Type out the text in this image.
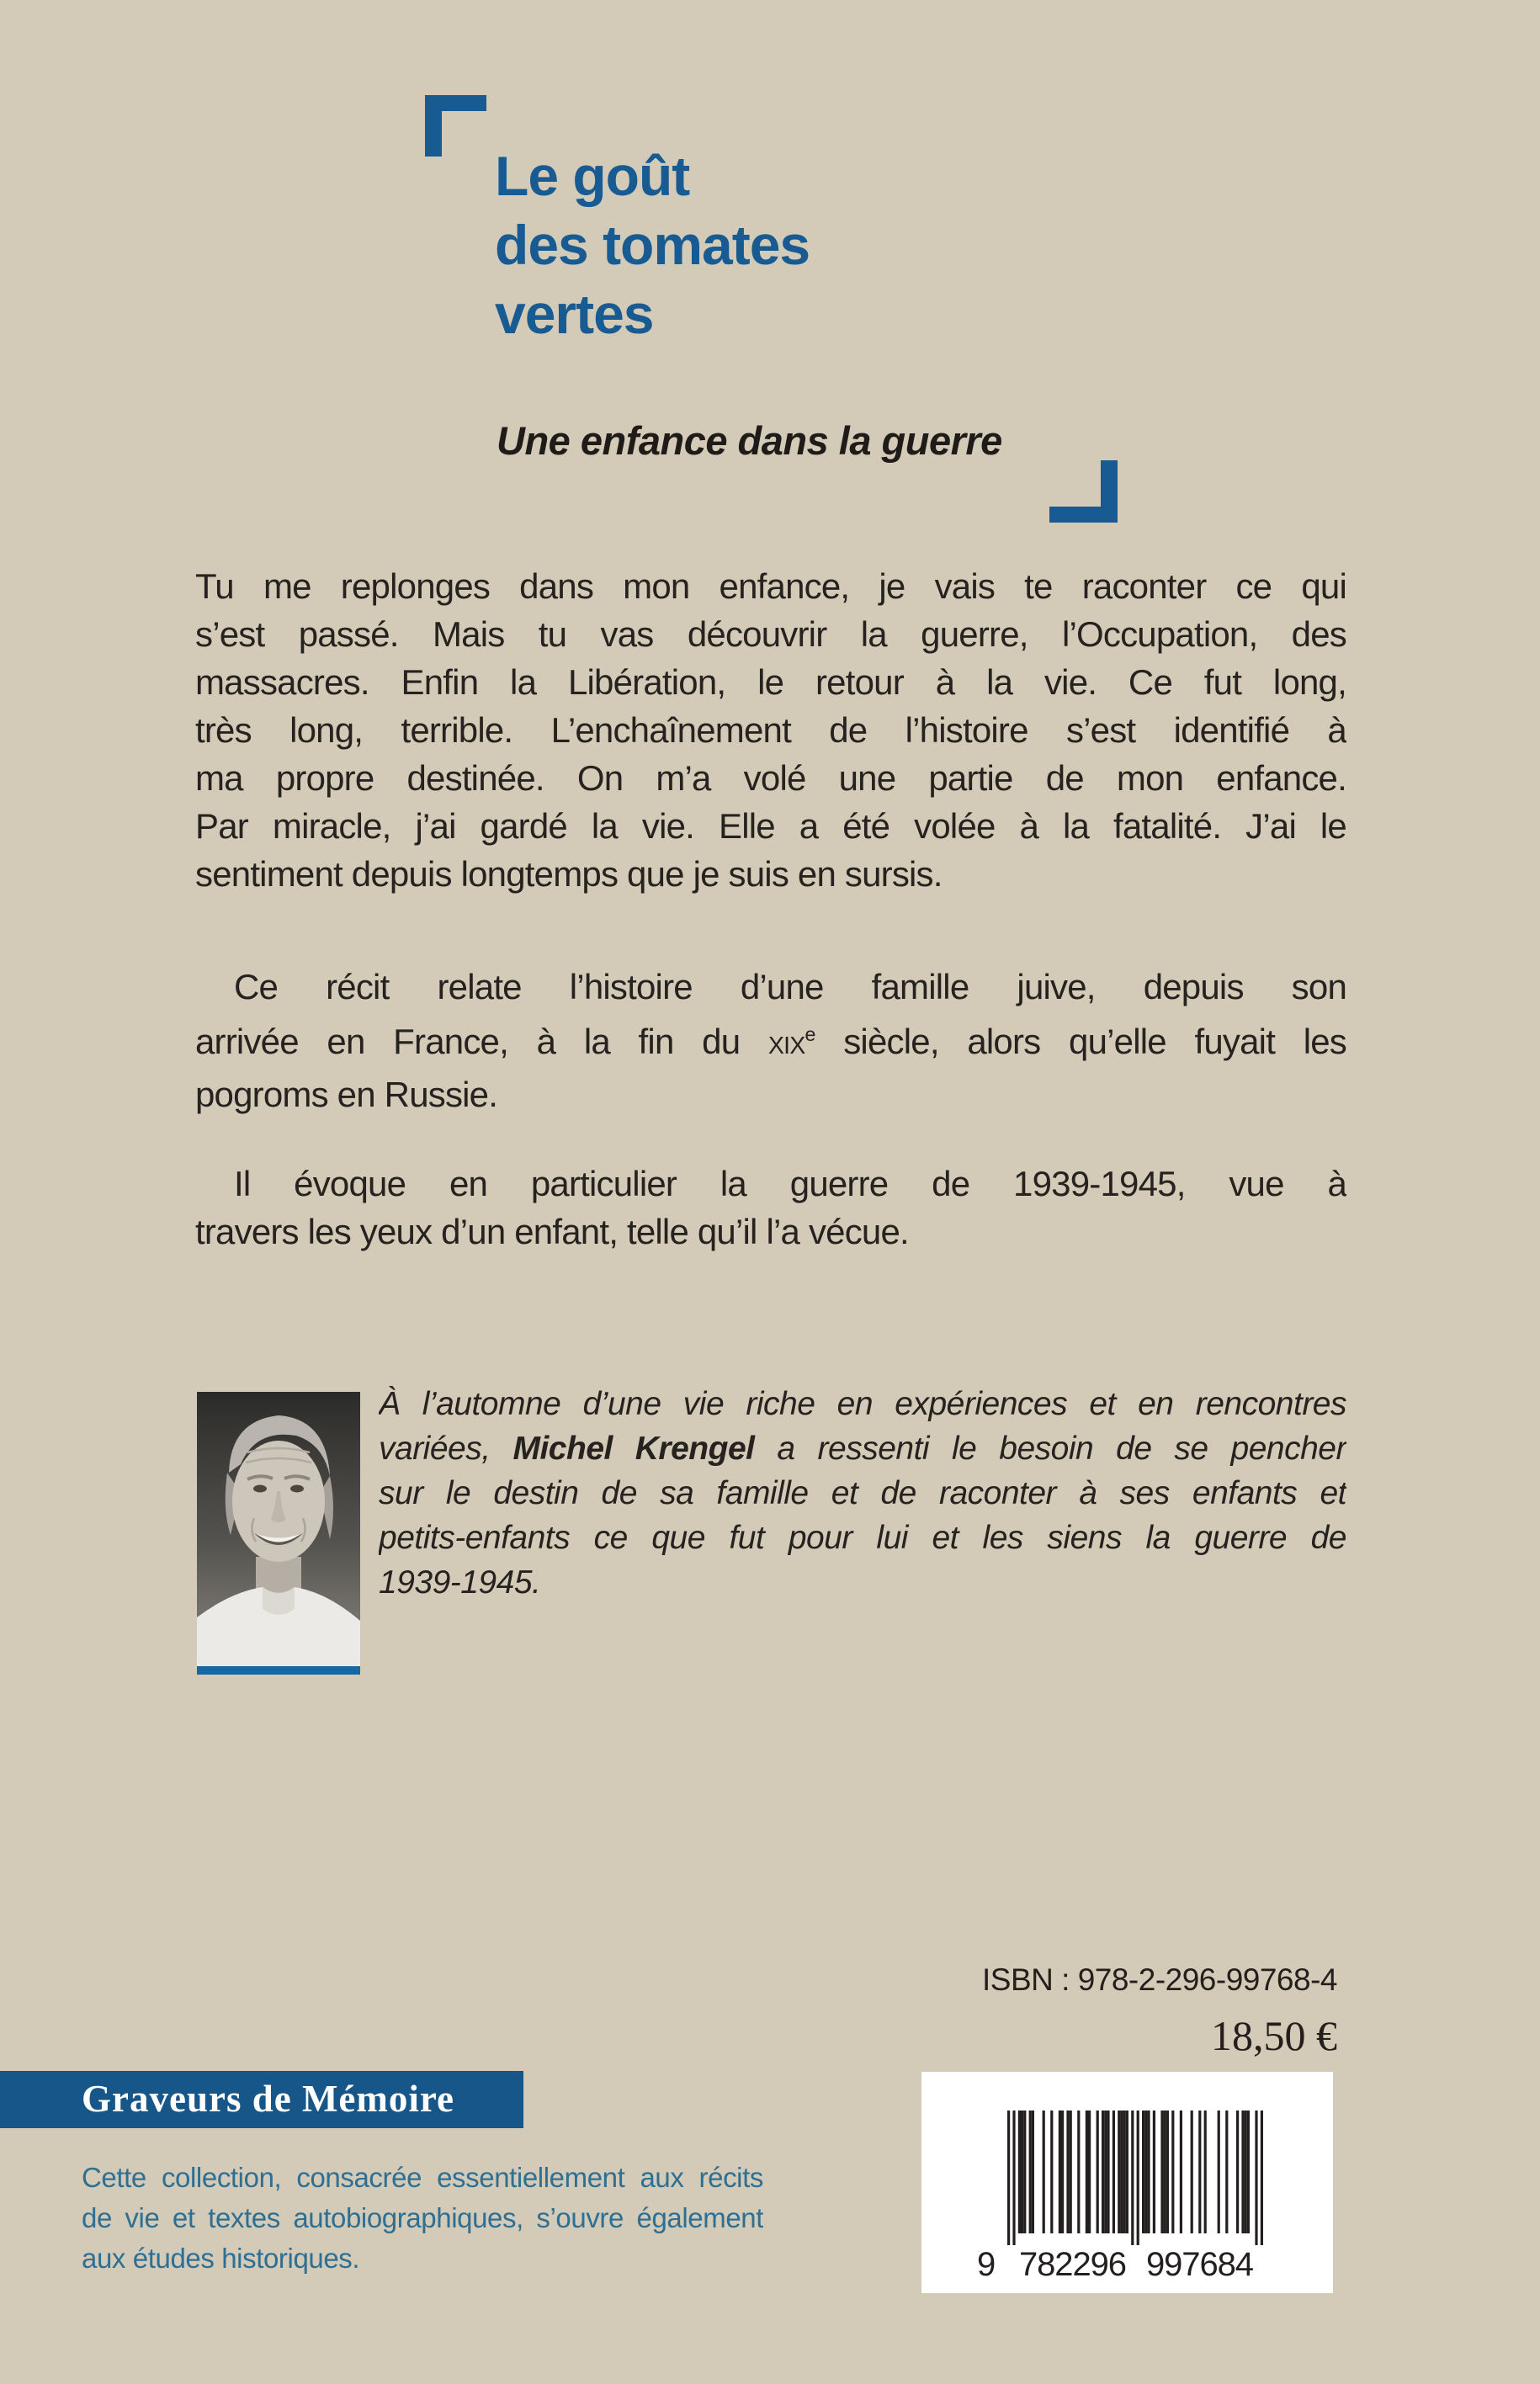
Le goût
des tomates
vertes
Une enfance dans la guerre
Tu me replonges dans mon enfance, je vais te raconter ce qui
s’est passé. Mais tu vas découvrir la guerre, l’Occupation, des
massacres. Enfin la Libération, le retour à la vie. Ce fut long,
très long, terrible. L’enchaînement de l’histoire s’est identifié à
ma propre destinée. On m’a volé une partie de mon enfance.
Par miracle, j’ai gardé la vie. Elle a été volée à la fatalité. J’ai le
sentiment depuis longtemps que je suis en sursis.
Ce récit relate l’histoire d’une famille juive, depuis son
arrivée en France, à la fin du XIXe siècle, alors qu’elle fuyait les
pogroms en Russie.
Il évoque en particulier la guerre de 1939-1945, vue à
travers les yeux d’un enfant, telle qu’il l’a vécue.
À l’automne d’une vie riche en expériences et en rencontres
variées, Michel Krengel a ressenti le besoin de se pencher
sur le destin de sa famille et de raconter à ses enfants et
petits-enfants ce que fut pour lui et les siens la guerre de
1939-1945.
ISBN : 978-2-296-99768-4
18,50 €
9 782296 997684
Graveurs de Mémoire
Cette collection, consacrée essentiellement aux récits
de vie et textes autobiographiques, s’ouvre également
aux études historiques.
